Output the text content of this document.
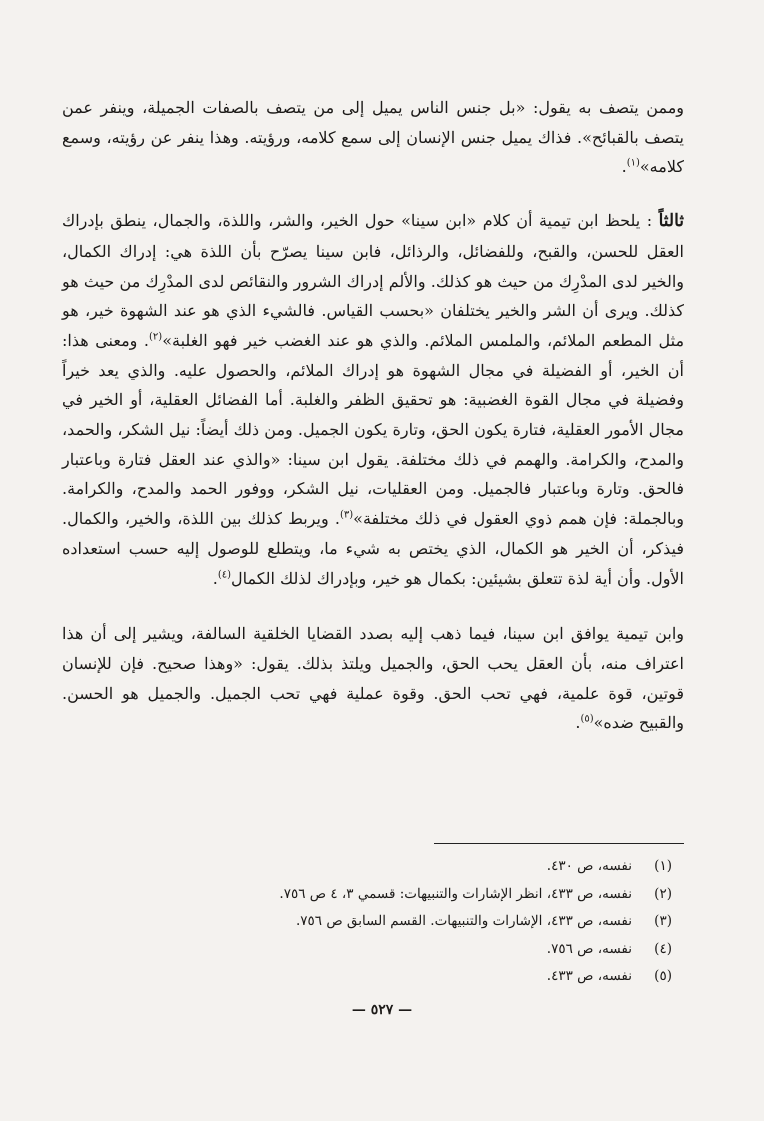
وممن يتصف به يقول: «بل جنس الناس يميل إلى من يتصف بالصفات الجميلة، وينفر عمن يتصف بالقبائح». فذاك يميل جنس الإنسان إلى سمع كلامه، ورؤيته. وهذا ينفر عن رؤيته، وسمع كلامه»$^{(١)}$.

ثالثاً : يلحظ ابن تيمية أن كلام «ابن سينا» حول الخير، والشر، واللذة، والجمال، ينطق بإدراك العقل للحسن، والقبح، وللفضائل، والرذائل، فابن سينا يصرّح بأن اللذة هي: إدراك الكمال، والخير لدى المدْرِك من حيث هو كذلك. والألم إدراك الشرور والنقائص لدى المدْرِك من حيث هو كذلك. ويرى أن الشر والخير يختلفان «بحسب القياس. فالشيء الذي هو عند الشهوة خير، هو مثل المطعم الملائم، والملمس الملائم. والذي هو عند الغضب خير فهو الغلبة»$^{(٢)}$. ومعنى هذا: أن الخير، أو الفضيلة في مجال الشهوة هو إدراك الملائم، والحصول عليه. والذي يعد خيراً وفضيلة في مجال القوة الغضبية: هو تحقيق الظفر والغلبة. أما الفضائل العقلية، أو الخير في مجال الأمور العقلية، فتارة يكون الحق، وتارة يكون الجميل. ومن ذلك أيضاً: نيل الشكر، والحمد، والمدح، والكرامة. والهمم في ذلك مختلفة. يقول ابن سينا: «والذي عند العقل فتارة وباعتبار فالحق. وتارة وباعتبار فالجميل. ومن العقليات، نيل الشكر، ووفور الحمد والمدح، والكرامة. وبالجملة: فإن همم ذوي العقول في ذلك مختلفة»$^{(٣)}$. ويربط كذلك بين اللذة، والخير، والكمال. فيذكر، أن الخير هو الكمال، الذي يختص به شيء ما، ويتطلع للوصول إليه حسب استعداده الأول. وأن أية لذة تتعلق بشيئين: بكمال هو خير، وبإدراك لذلك الكمال$^{(٤)}$.

وابن تيمية يوافق ابن سينا، فيما ذهب إليه بصدد القضايا الخلقية السالفة، ويشير إلى أن هذا اعتراف منه، بأن العقل يحب الحق، والجميل ويلتذ بذلك. يقول: «وهذا صحيح. فإن للإنسان قوتين، قوة علمية، فهي تحب الحق. وقوة عملية فهي تحب الجميل. والجميل هو الحسن. والقبيح ضده»$^{(٥)}$.

(١)
نفسه، ص ٤٣٠.
(٢)
نفسه، ص ٤٣٣، انظر الإشارات والتنبيهات: قسمي ٣، ٤ ص ٧٥٦.
(٣)
نفسه، ص ٤٣٣، الإشارات والتنبيهات. القسم السابق ص ٧٥٦.
(٤)
نفسه، ص ٧٥٦.
(٥)
نفسه، ص ٤٣٣.
— ٥٢٧ —
